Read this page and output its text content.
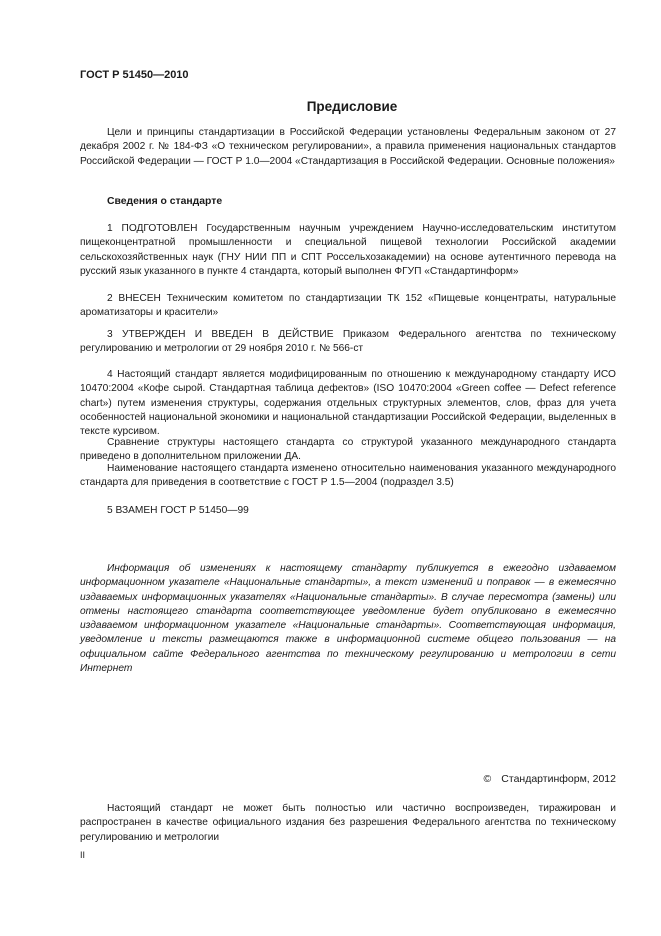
ГОСТ Р 51450—2010
Предисловие

Цели и принципы стандартизации в Российской Федерации установлены Федеральным законом от 27 декабря 2002 г. № 184-ФЗ «О техническом регулировании», а правила применения национальных стандартов Российской Федерации — ГОСТ Р 1.0—2004 «Стандартизация в Российской Федерации. Основные положения»

Сведения о стандарте

1 ПОДГОТОВЛЕН Государственным научным учреждением Научно-исследовательским институтом пищеконцентратной промышленности и специальной пищевой технологии Российской академии сельскохозяйственных наук (ГНУ НИИ ПП и СПТ Россельхозакадемии) на основе аутентичного перевода на русский язык указанного в пункте 4 стандарта, который выполнен ФГУП «Стандартинформ»

2 ВНЕСЕН Техническим комитетом по стандартизации ТК 152 «Пищевые концентраты, натуральные ароматизаторы и красители»

3 УТВЕРЖДЕН И ВВЕДЕН В ДЕЙСТВИЕ Приказом Федерального агентства по техническому регулированию и метрологии от 29 ноября 2010 г. № 566-ст

4 Настоящий стандарт является модифицированным по отношению к международному стандарту ИСО 10470:2004 «Кофе сырой. Стандартная таблица дефектов» (ISO 10470:2004 «Green coffee — Defect reference chart») путем изменения структуры, содержания отдельных структурных элементов, слов, фраз для учета особенностей национальной экономики и национальной стандартизации Российской Федерации, выделенных в тексте курсивом.

Сравнение структуры настоящего стандарта со структурой указанного международного стандарта приведено в дополнительном приложении ДА.

Наименование настоящего стандарта изменено относительно наименования указанного международного стандарта для приведения в соответствие с ГОСТ Р 1.5—2004 (подраздел 3.5)

5 ВЗАМЕН ГОСТ Р 51450—99

Информация об изменениях к настоящему стандарту публикуется в ежегодно издаваемом информационном указателе «Национальные стандарты», а текст изменений и поправок — в ежемесячно издаваемых информационных указателях «Национальные стандарты». В случае пересмотра (замены) или отмены настоящего стандарта соответствующее уведомление будет опубликовано в ежемесячно издаваемом информационном указателе «Национальные стандарты». Соответствующая информация, уведомление и тексты размещаются также в информационной системе общего пользования — на официальном сайте Федерального агентства по техническому регулированию и метрологии в сети Интернет

© Стандартинформ, 2012

Настоящий стандарт не может быть полностью или частично воспроизведен, тиражирован и распространен в качестве официального издания без разрешения Федерального агентства по техническому регулированию и метрологии

II
